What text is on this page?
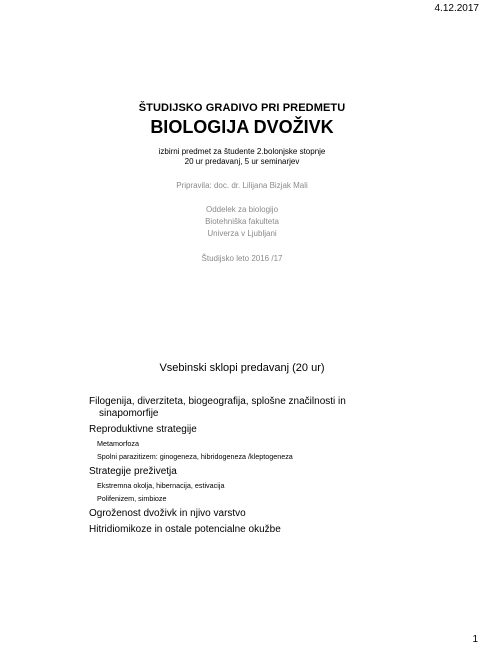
4.12.2017
ŠTUDIJSKO GRADIVO PRI PREDMETU
BIOLOGIJA DVOŽIVK
izbirni predmet za študente 2.bolonjske stopnje
20 ur predavanj, 5 ur seminarjev
Pripravila: doc. dr. Lilijana Bizjak Mali
Oddelek za biologijo
Biotehniška fakulteta
Univerza v Ljubljani
Študijsko leto 2016 /17
Vsebinski sklopi predavanj (20 ur)
Filogenija, diverziteta, biogeografija, splošne značilnosti in
sinapomorfije
Reproduktivne strategije
Metamorfoza
Spolni parazitizem: ginogeneza, hibridogeneza /kleptogeneza
Strategije preživetja
Ekstremna okolja, hibernacija, estivacija
Polifenizem, simbioze
Ogroženost dvoživk in njivo varstvo
Hitridiomikoze in ostale potencialne okužbe
1
